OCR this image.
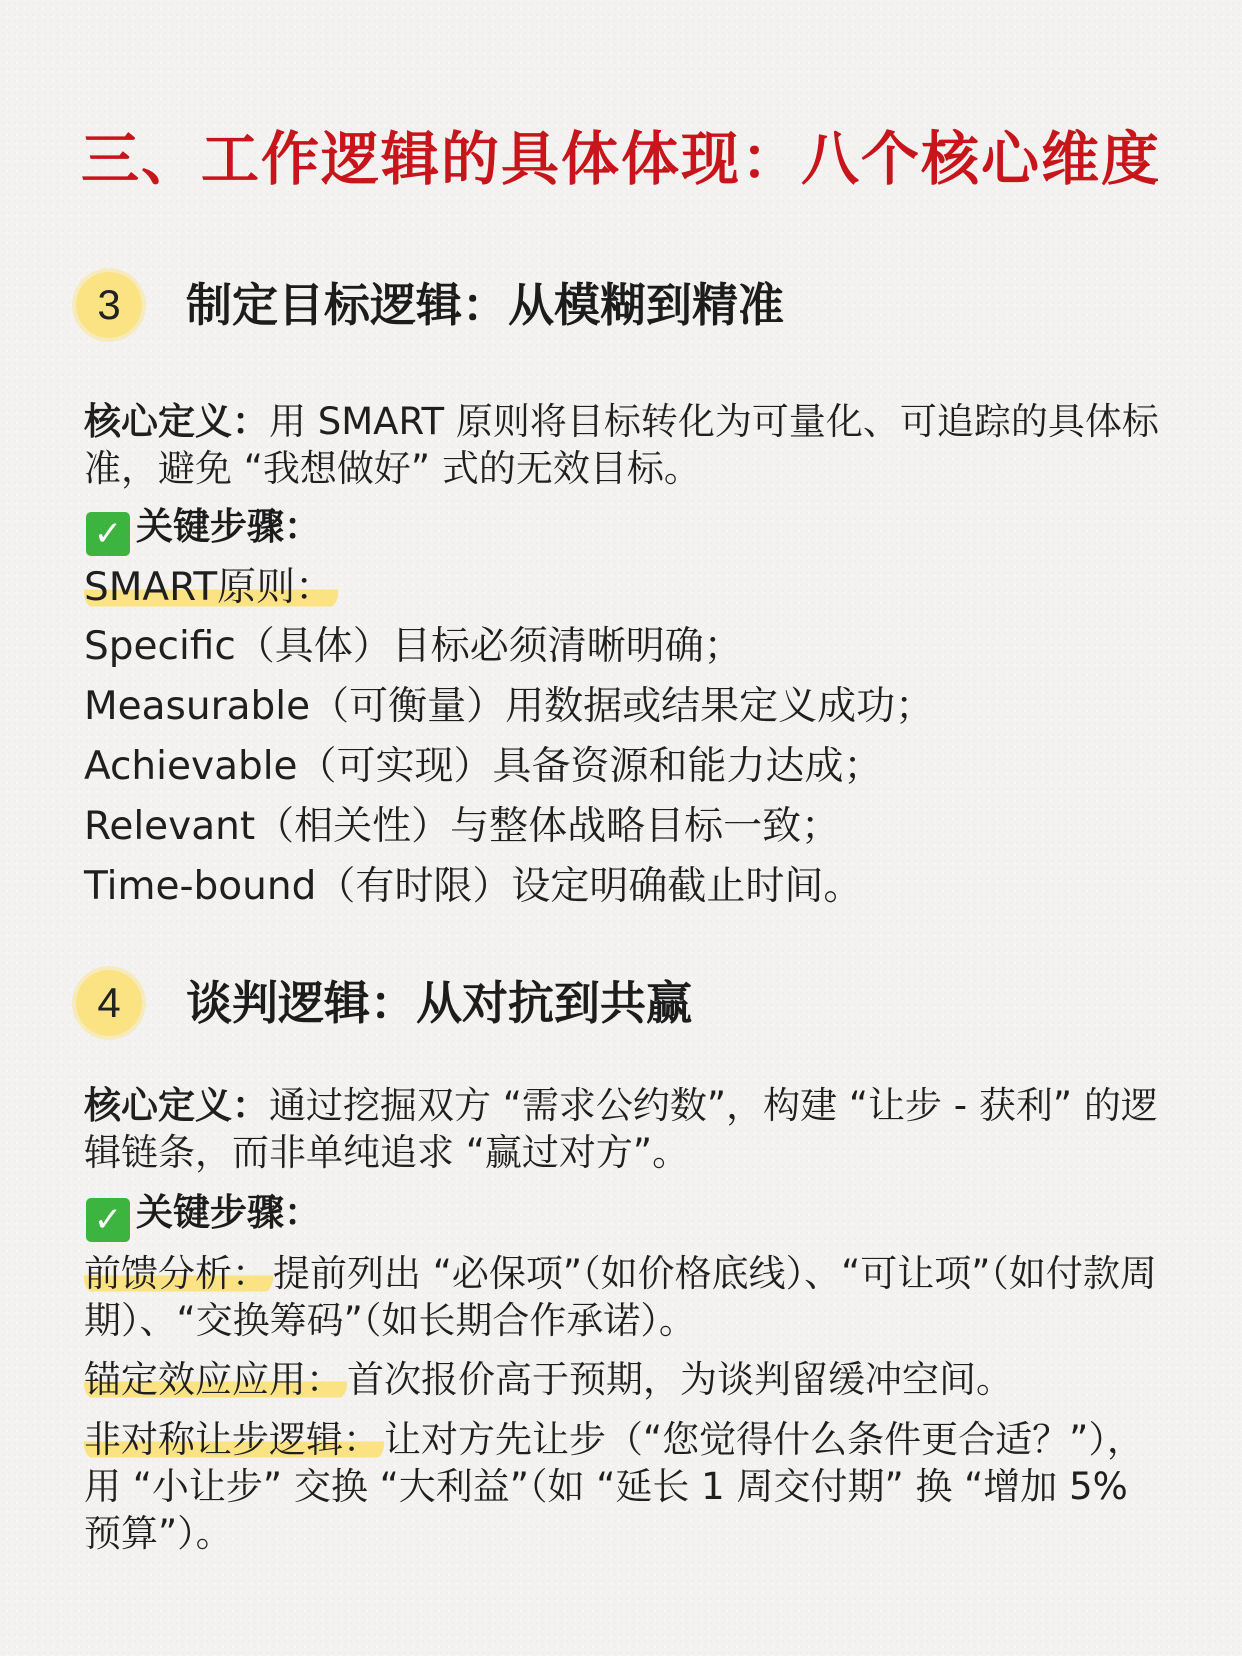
三、工作逻辑的具体体现：八个核心维度
3	制定目标逻辑：从模糊到精准
核心定义：用 SMART 原则将目标转化为可量化、可追踪的具体标准，避免 “我想做好” 式的无效目标。
✓ 关键步骤：
SMART原则：
Specific（具体）目标必须清晰明确；
Measurable（可衡量）用数据或结果定义成功；
Achievable（可实现）具备资源和能力达成；
Relevant（相关性）与整体战略目标一致；
Time-bound（有时限）设定明确截止时间。
4	谈判逻辑：从对抗到共赢
核心定义：通过挖掘双方 “需求公约数”，构建 “让步 - 获利” 的逻辑链条，而非单纯追求 “赢过对方”。
✓ 关键步骤：
前馈分析： 提前列出 “必保项”（如价格底线）、“可让项”（如付款周期）、“交换筹码”（如长期合作承诺）。
锚定效应应用： 首次报价高于预期，为谈判留缓冲空间。
非对称让步逻辑： 让对方先让步（“您觉得什么条件更合适？”），用 “小让步” 交换 “大利益”（如 “延长 1 周交付期” 换 “增加 5% 预算”）。
